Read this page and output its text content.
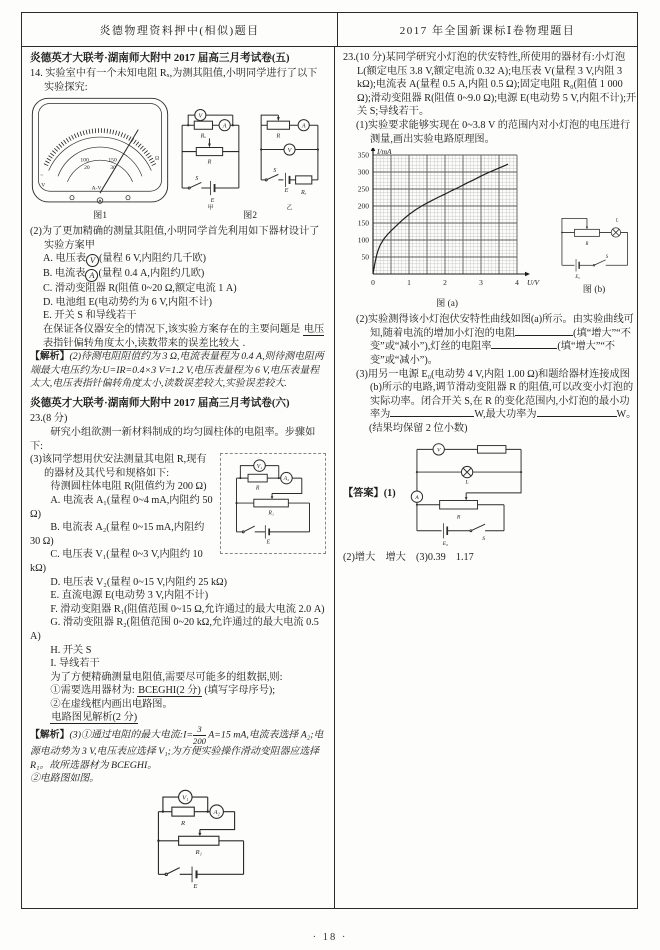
炎德物理资料押中(相似)题目	2017 年全国新课标Ⅰ卷物理题目
炎德英才大联考·湖南师大附中 2017 届高三月考试卷(五)
14. 实验室中有一个未知电阻 Rₓ,为测其阻值,小明同学进行了以下实验探究:
Ω
~
V	A-V
100	150
20	30
图1
A
Rₓ
V
R
S
E
甲
R
A
V
S
E Rₓ
乙
图2
(2)为了更加精确的测量其阻值,小明同学首先利用如下器材设计了实验方案甲
A. 电压表 V (量程 6 V,内阻约几千欧)
B. 电流表 A (量程 0.4 A,内阻约几欧)
C. 滑动变阻器 R(阻值 0~20 Ω,额定电流 1 A)
D. 电池组 E(电动势约为 6 V,内阻不计)
E. 开关 S 和导线若干
在保证各仪器安全的情况下,该实验方案存在的主要问题是 电压表指针偏转角度太小,读数带来的误差比较大 .
【解析】(2)待测电阻阻值约为 3 Ω,电流表量程为 0.4 A,则待测电阻两端最大电压约为:U=IR=0.4×3 V=1.2 V,电压表量程为 6 V,电压表量程太大,电压表指针偏转角度太小,读数误差较大,实验误差较大.
炎德英才大联考·湖南师大附中 2017 届高三月考试卷(六)
23.(8 分)
研究小组欲测一新材料制成的均匀圆柱体的电阻率。步骤如下:
V₁
R
A₂
R₁
E
(3)该同学想用伏安法测量其电阻 R,现有的器材及其代号和规格如下:
待测圆柱体电阻 R(阻值约为 200 Ω)
A. 电流表 A₁(量程 0~4 mA,内阻约 50 Ω)
B. 电流表 A₂(量程 0~15 mA,内阻约 30 Ω)
C. 电压表 V₁(量程 0~3 V,内阻约 10 kΩ)
D. 电压表 V₂(量程 0~15 V,内阻约 25 kΩ)
E. 直流电源 E(电动势 3 V,内阻不计)
F. 滑动变阻器 R₁(阻值范围 0~15 Ω,允许通过的最大电流 2.0 A)
G. 滑动变阻器 R₂(阻值范围 0~20 kΩ,允许通过的最大电流 0.5 A)
H. 开关 S
I. 导线若干
为了方便精确测量电阻值,需要尽可能多的组数据,则:
①需要选用器材为: BCEGHI(2 分) (填写字母序号);
②在虚线框内画出电路图。
电路图见解析(2 分)
【解析】(3)①通过电阻的最大电流:I= $\frac{3}{200} A=15$ mA,电流表选择 A₂;电源电动势为 3 V,电压表应选择 V₁;为方便实验操作滑动变阻器应选择 R₁。故所选器材为 BCEGHI。
②电路图如图。
V₁
R
A₂
R₁
E
23.(10 分)某同学研究小灯泡的伏安特性,所使用的器材有:小灯泡 L(额定电压 3.8 V,额定电流 0.32 A);电压表 V(量程 3 V,内阻 3 kΩ);电流表 A(量程 0.5 A,内阻 0.5 Ω);固定电阻 R₀(阻值 1 000 Ω);滑动变阻器 R(阻值 0~9.0 Ω);电源 E(电动势 5 V,内阻不计);开关 S;导线若干。
(1)实验要求能够实现在 0~3.8 V 的范围内对小灯泡的电压进行测量,画出实验电路原理图。
0	1	2	3	4
50
100
150
200
250
300
350 I/mA
U/V
图 (a)
R
L
E₀
S
图 (b)
(2)实验测得该小灯泡伏安特性曲线如图(a)所示。由实验曲线可知,随着电流的增加小灯泡的电阻	(填“增大”“不变”或“减小”),灯丝的电阻率	(填“增大”“不变”或“减小”)。
(3)用另一电源 E₀(电动势 4 V,内阻 1.00 Ω)和题给器材连接成图(b)所示的电路,调节滑动变阻器 R 的阻值,可以改变小灯泡的实际功率。闭合开关 S,在 R 的变化范围内,小灯泡的最小功率为	W,最大功率为	W。
(结果均保留 2 位小数)
【答案】(1)
V
L
A
R
E₀
S
(2)增大　增大　(3)0.39　1.17
· 18 ·
